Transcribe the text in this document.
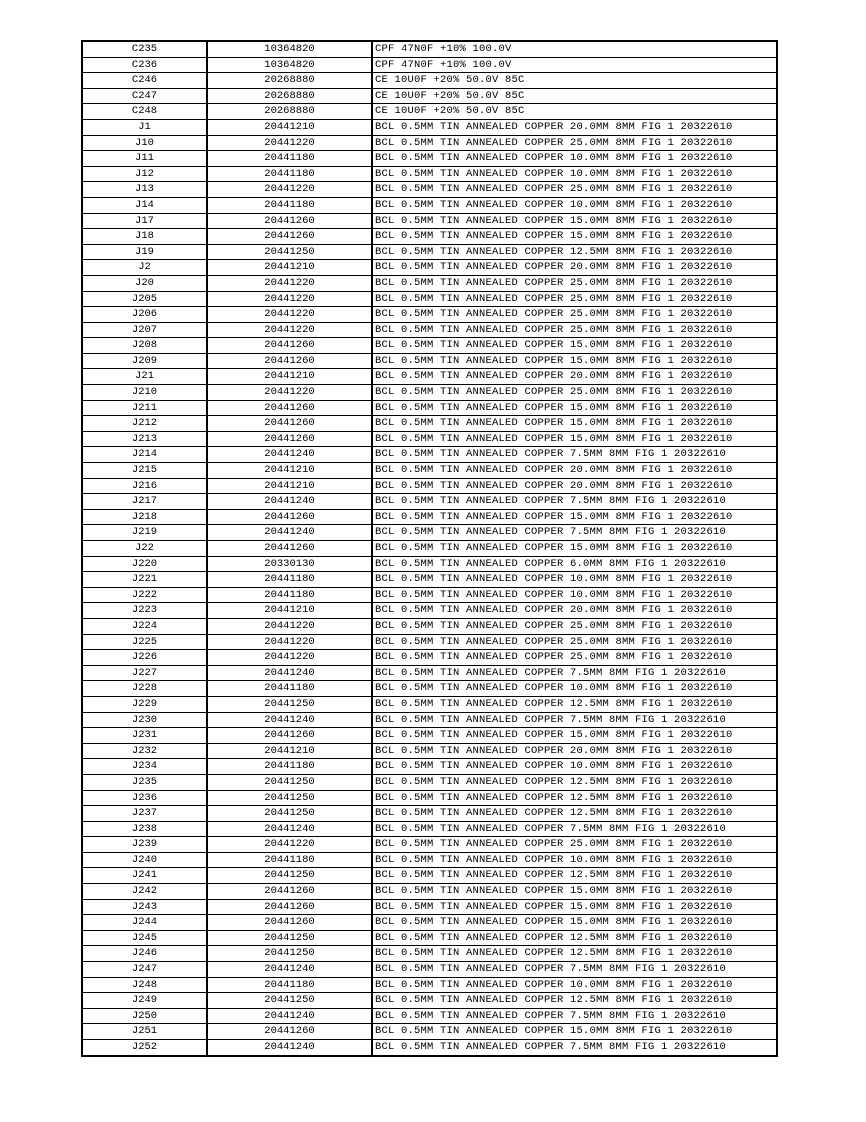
C235	10364820	CPF 47N0F +10% 100.0V
C236	10364820	CPF 47N0F +10% 100.0V
C246	20268880	CE 10U0F +20% 50.0V 85C
C247	20268880	CE 10U0F +20% 50.0V 85C
C248	20268880	CE 10U0F +20% 50.0V 85C
J1	20441210	BCL 0.5MM TIN ANNEALED COPPER 20.0MM 8MM FIG 1 20322610
J10	20441220	BCL 0.5MM TIN ANNEALED COPPER 25.0MM 8MM FIG 1 20322610
J11	20441180	BCL 0.5MM TIN ANNEALED COPPER 10.0MM 8MM FIG 1 20322610
J12	20441180	BCL 0.5MM TIN ANNEALED COPPER 10.0MM 8MM FIG 1 20322610
J13	20441220	BCL 0.5MM TIN ANNEALED COPPER 25.0MM 8MM FIG 1 20322610
J14	20441180	BCL 0.5MM TIN ANNEALED COPPER 10.0MM 8MM FIG 1 20322610
J17	20441260	BCL 0.5MM TIN ANNEALED COPPER 15.0MM 8MM FIG 1 20322610
J18	20441260	BCL 0.5MM TIN ANNEALED COPPER 15.0MM 8MM FIG 1 20322610
J19	20441250	BCL 0.5MM TIN ANNEALED COPPER 12.5MM 8MM FIG 1 20322610
J2	20441210	BCL 0.5MM TIN ANNEALED COPPER 20.0MM 8MM FIG 1 20322610
J20	20441220	BCL 0.5MM TIN ANNEALED COPPER 25.0MM 8MM FIG 1 20322610
J205	20441220	BCL 0.5MM TIN ANNEALED COPPER 25.0MM 8MM FIG 1 20322610
J206	20441220	BCL 0.5MM TIN ANNEALED COPPER 25.0MM 8MM FIG 1 20322610
J207	20441220	BCL 0.5MM TIN ANNEALED COPPER 25.0MM 8MM FIG 1 20322610
J208	20441260	BCL 0.5MM TIN ANNEALED COPPER 15.0MM 8MM FIG 1 20322610
J209	20441260	BCL 0.5MM TIN ANNEALED COPPER 15.0MM 8MM FIG 1 20322610
J21	20441210	BCL 0.5MM TIN ANNEALED COPPER 20.0MM 8MM FIG 1 20322610
J210	20441220	BCL 0.5MM TIN ANNEALED COPPER 25.0MM 8MM FIG 1 20322610
J211	20441260	BCL 0.5MM TIN ANNEALED COPPER 15.0MM 8MM FIG 1 20322610
J212	20441260	BCL 0.5MM TIN ANNEALED COPPER 15.0MM 8MM FIG 1 20322610
J213	20441260	BCL 0.5MM TIN ANNEALED COPPER 15.0MM 8MM FIG 1 20322610
J214	20441240	BCL 0.5MM TIN ANNEALED COPPER 7.5MM 8MM FIG 1 20322610
J215	20441210	BCL 0.5MM TIN ANNEALED COPPER 20.0MM 8MM FIG 1 20322610
J216	20441210	BCL 0.5MM TIN ANNEALED COPPER 20.0MM 8MM FIG 1 20322610
J217	20441240	BCL 0.5MM TIN ANNEALED COPPER 7.5MM 8MM FIG 1 20322610
J218	20441260	BCL 0.5MM TIN ANNEALED COPPER 15.0MM 8MM FIG 1 20322610
J219	20441240	BCL 0.5MM TIN ANNEALED COPPER 7.5MM 8MM FIG 1 20322610
J22	20441260	BCL 0.5MM TIN ANNEALED COPPER 15.0MM 8MM FIG 1 20322610
J220	20330130	BCL 0.5MM TIN ANNEALED COPPER 6.0MM 8MM FIG 1 20322610
J221	20441180	BCL 0.5MM TIN ANNEALED COPPER 10.0MM 8MM FIG 1 20322610
J222	20441180	BCL 0.5MM TIN ANNEALED COPPER 10.0MM 8MM FIG 1 20322610
J223	20441210	BCL 0.5MM TIN ANNEALED COPPER 20.0MM 8MM FIG 1 20322610
J224	20441220	BCL 0.5MM TIN ANNEALED COPPER 25.0MM 8MM FIG 1 20322610
J225	20441220	BCL 0.5MM TIN ANNEALED COPPER 25.0MM 8MM FIG 1 20322610
J226	20441220	BCL 0.5MM TIN ANNEALED COPPER 25.0MM 8MM FIG 1 20322610
J227	20441240	BCL 0.5MM TIN ANNEALED COPPER 7.5MM 8MM FIG 1 20322610
J228	20441180	BCL 0.5MM TIN ANNEALED COPPER 10.0MM 8MM FIG 1 20322610
J229	20441250	BCL 0.5MM TIN ANNEALED COPPER 12.5MM 8MM FIG 1 20322610
J230	20441240	BCL 0.5MM TIN ANNEALED COPPER 7.5MM 8MM FIG 1 20322610
J231	20441260	BCL 0.5MM TIN ANNEALED COPPER 15.0MM 8MM FIG 1 20322610
J232	20441210	BCL 0.5MM TIN ANNEALED COPPER 20.0MM 8MM FIG 1 20322610
J234	20441180	BCL 0.5MM TIN ANNEALED COPPER 10.0MM 8MM FIG 1 20322610
J235	20441250	BCL 0.5MM TIN ANNEALED COPPER 12.5MM 8MM FIG 1 20322610
J236	20441250	BCL 0.5MM TIN ANNEALED COPPER 12.5MM 8MM FIG 1 20322610
J237	20441250	BCL 0.5MM TIN ANNEALED COPPER 12.5MM 8MM FIG 1 20322610
J238	20441240	BCL 0.5MM TIN ANNEALED COPPER 7.5MM 8MM FIG 1 20322610
J239	20441220	BCL 0.5MM TIN ANNEALED COPPER 25.0MM 8MM FIG 1 20322610
J240	20441180	BCL 0.5MM TIN ANNEALED COPPER 10.0MM 8MM FIG 1 20322610
J241	20441250	BCL 0.5MM TIN ANNEALED COPPER 12.5MM 8MM FIG 1 20322610
J242	20441260	BCL 0.5MM TIN ANNEALED COPPER 15.0MM 8MM FIG 1 20322610
J243	20441260	BCL 0.5MM TIN ANNEALED COPPER 15.0MM 8MM FIG 1 20322610
J244	20441260	BCL 0.5MM TIN ANNEALED COPPER 15.0MM 8MM FIG 1 20322610
J245	20441250	BCL 0.5MM TIN ANNEALED COPPER 12.5MM 8MM FIG 1 20322610
J246	20441250	BCL 0.5MM TIN ANNEALED COPPER 12.5MM 8MM FIG 1 20322610
J247	20441240	BCL 0.5MM TIN ANNEALED COPPER 7.5MM 8MM FIG 1 20322610
J248	20441180	BCL 0.5MM TIN ANNEALED COPPER 10.0MM 8MM FIG 1 20322610
J249	20441250	BCL 0.5MM TIN ANNEALED COPPER 12.5MM 8MM FIG 1 20322610
J250	20441240	BCL 0.5MM TIN ANNEALED COPPER 7.5MM 8MM FIG 1 20322610
J251	20441260	BCL 0.5MM TIN ANNEALED COPPER 15.0MM 8MM FIG 1 20322610
J252	20441240	BCL 0.5MM TIN ANNEALED COPPER 7.5MM 8MM FIG 1 20322610
